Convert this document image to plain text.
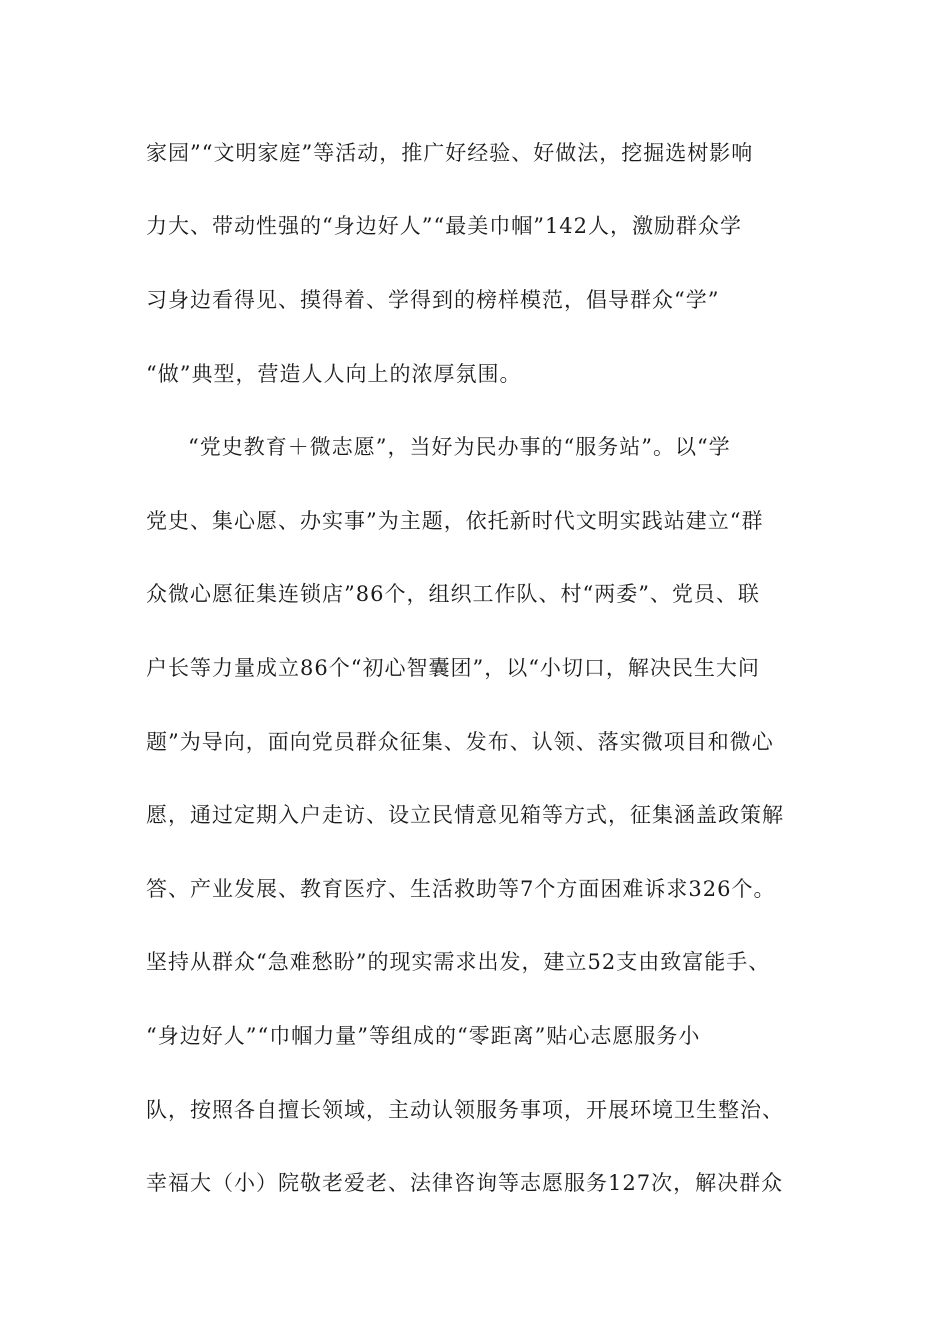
家园”“文明家庭”等活动，推广好经验、好做法，挖掘选树影响
力大、带动性强的“身边好人”“最美巾帼”142人，激励群众学
习身边看得见、摸得着、学得到的榜样模范，倡导群众“学”
“做”典型，营造人人向上的浓厚氛围。
“党史教育＋微志愿”，当好为民办事的“服务站”。以“学
党史、集心愿、办实事”为主题，依托新时代文明实践站建立“群
众微心愿征集连锁店”86个，组织工作队、村“两委”、党员、联
户长等力量成立86个“初心智囊团”，以“小切口，解决民生大问
题”为导向，面向党员群众征集、发布、认领、落实微项目和微心
愿，通过定期入户走访、设立民情意见箱等方式，征集涵盖政策解
答、产业发展、教育医疗、生活救助等7个方面困难诉求326个。
坚持从群众“急难愁盼”的现实需求出发，建立52支由致富能手、
“身边好人”“巾帼力量”等组成的“零距离”贴心志愿服务小
队，按照各自擅长领域，主动认领服务事项，开展环境卫生整治、
幸福大（小）院敬老爱老、法律咨询等志愿服务127次，解决群众
